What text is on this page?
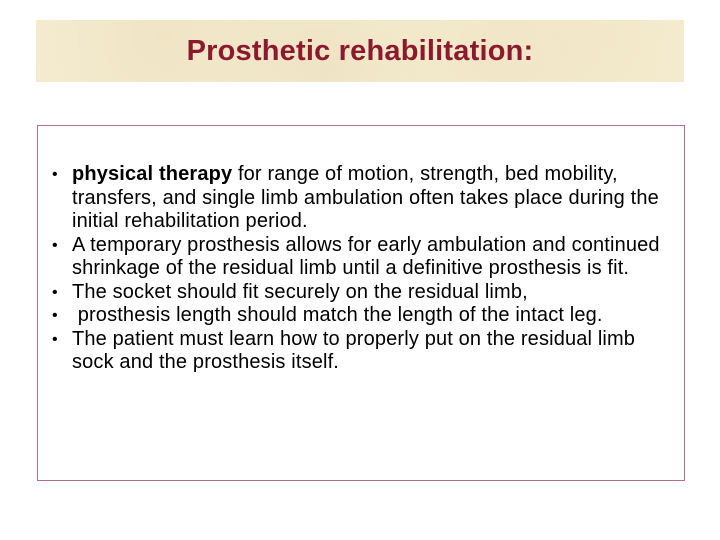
Prosthetic rehabilitation:
• physical therapy for range of motion, strength, bed mobility, transfers, and single limb ambulation often takes place during the initial rehabilitation period.
• A temporary prosthesis allows for early ambulation and continued shrinkage of the residual limb until a definitive prosthesis is fit.
• The socket should fit securely on the residual limb,
• prosthesis length should match the length of the intact leg.
• The patient must learn how to properly put on the residual limb sock and the prosthesis itself.
